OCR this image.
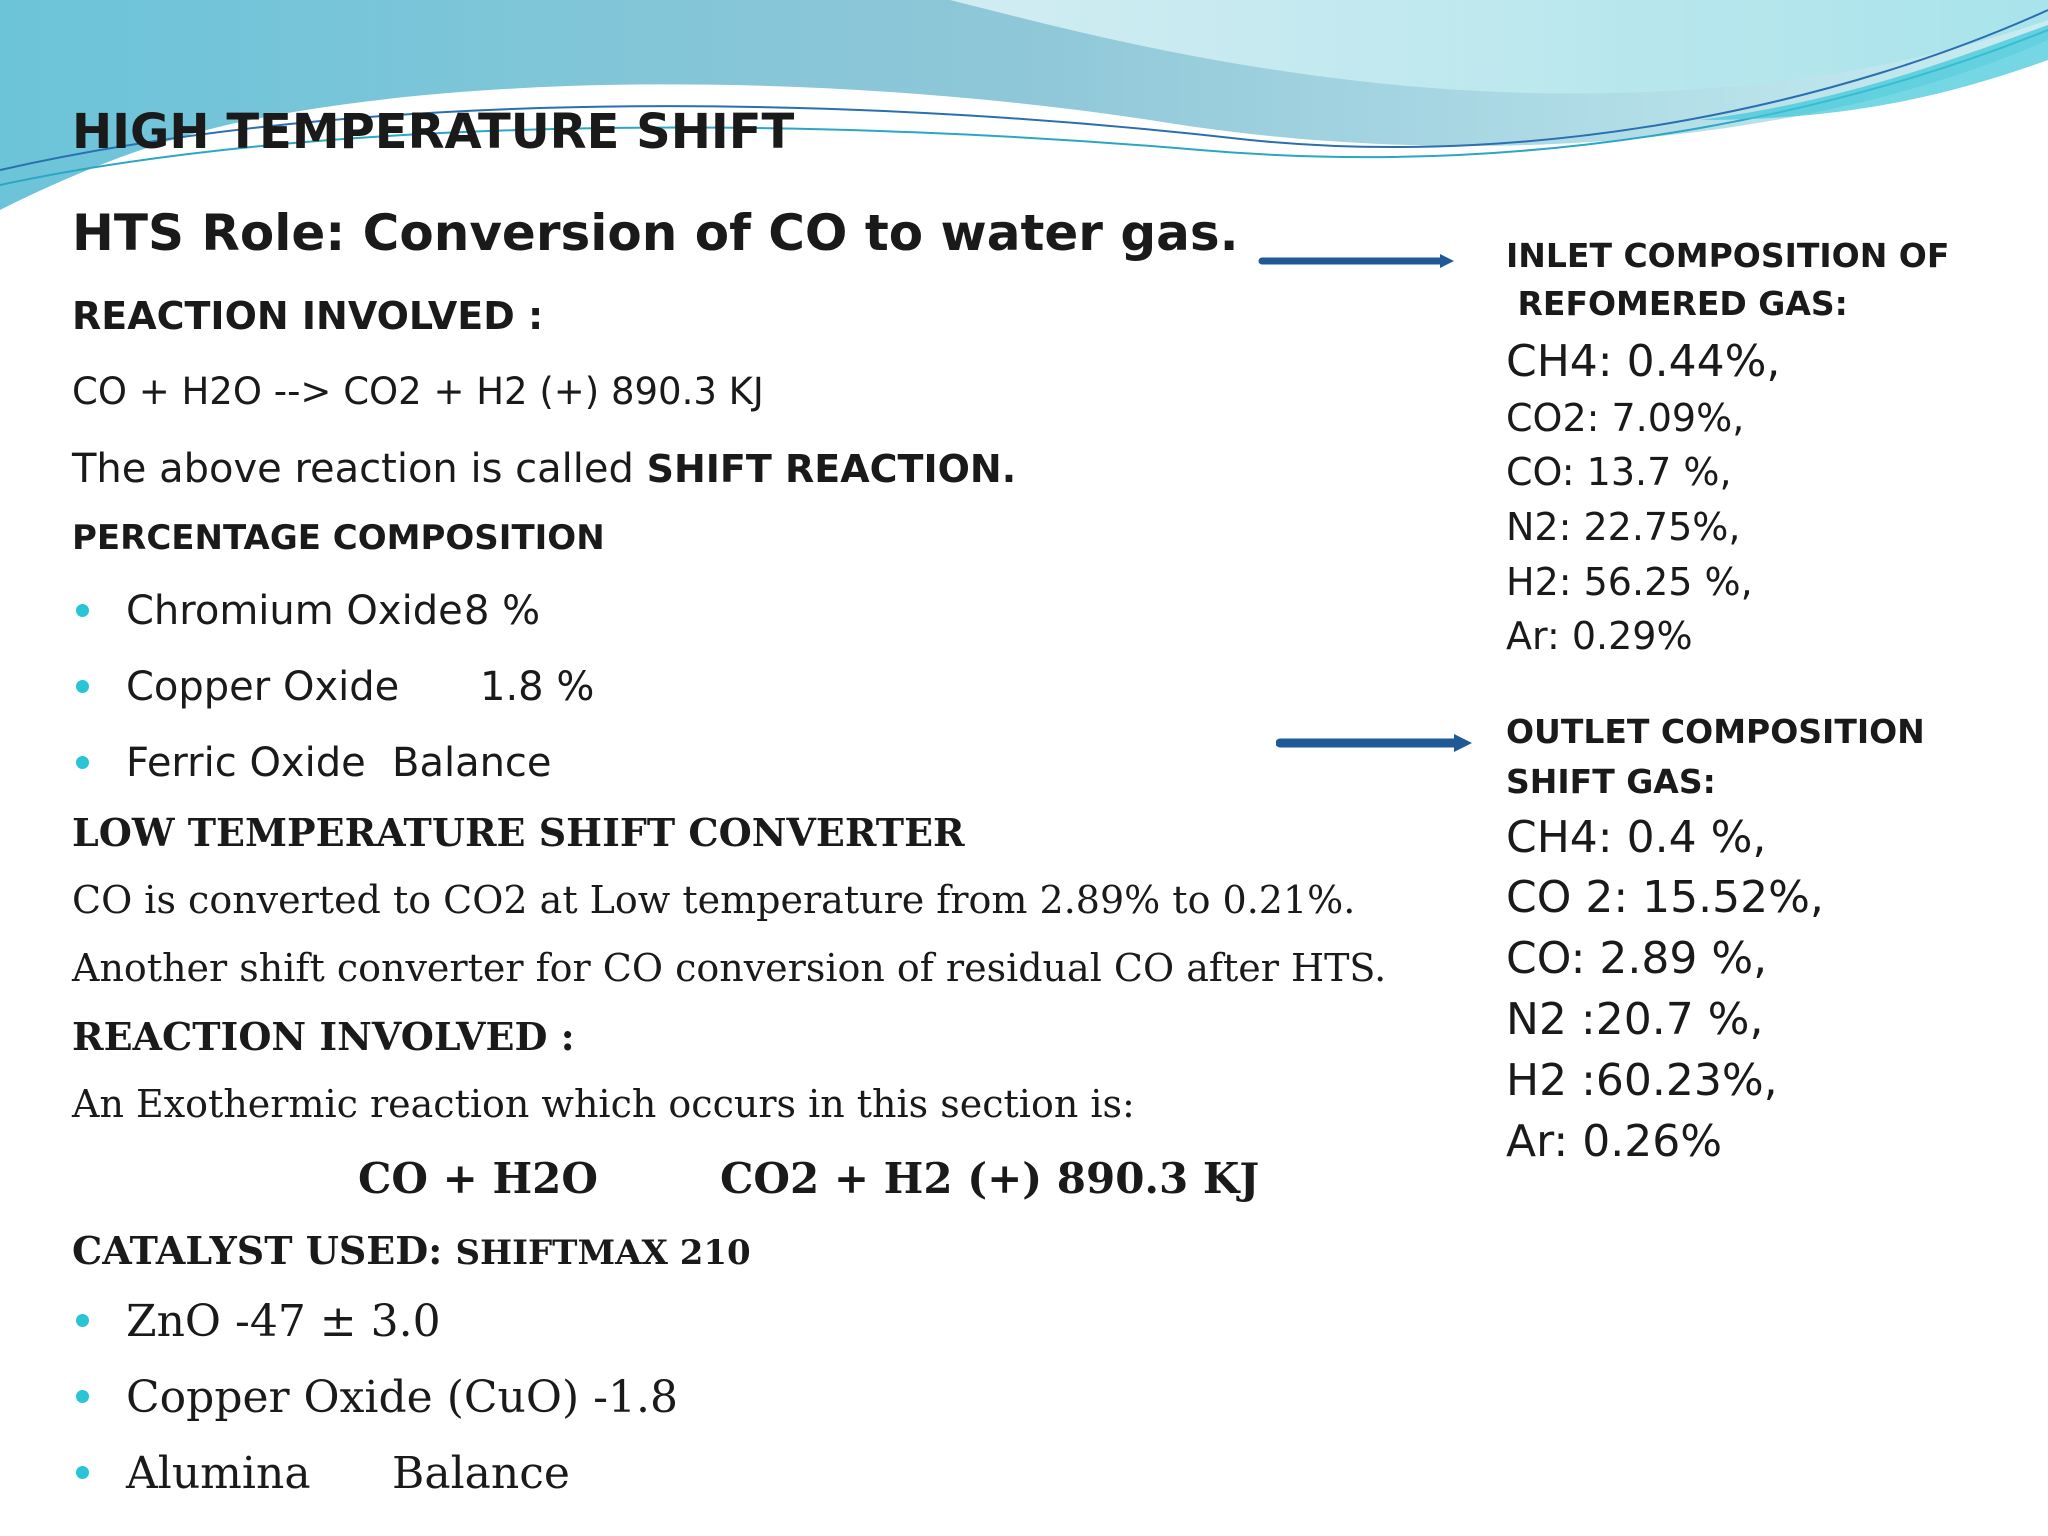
HIGH TEMPERATURE SHIFT
HTS Role: Conversion of CO to water gas.
REACTION INVOLVED :
CO + H2O --> CO2 + H2 (+) 890.3 KJ
The above reaction is called SHIFT REACTION.
PERCENTAGE COMPOSITION
Chromium Oxide 8 %
Copper Oxide 1.8 %
Ferric Oxide Balance
LOW TEMPERATURE SHIFT CONVERTER
CO is converted to CO2 at Low temperature from 2.89% to 0.21%.
Another shift converter for CO conversion of residual CO after HTS.
REACTION INVOLVED :
An Exothermic reaction which occurs in this section is:
CO + H2O	CO2 + H2 (+) 890.3 KJ
CATALYST USED: SHIFTMAX 210
ZnO -47 ± 3.0
Copper Oxide (CuO) -1.8
Alumina Balance
INLET COMPOSITION OF
REFOMERED GAS:
CH4: 0.44%,
CO2: 7.09%,
CO: 13.7 %,
N2: 22.75%,
H2: 56.25 %,
Ar: 0.29%
OUTLET COMPOSITION
SHIFT GAS:
CH4: 0.4 %,
CO 2: 15.52%,
CO: 2.89 %,
N2 :20.7 %,
H2 :60.23%,
Ar: 0.26%
